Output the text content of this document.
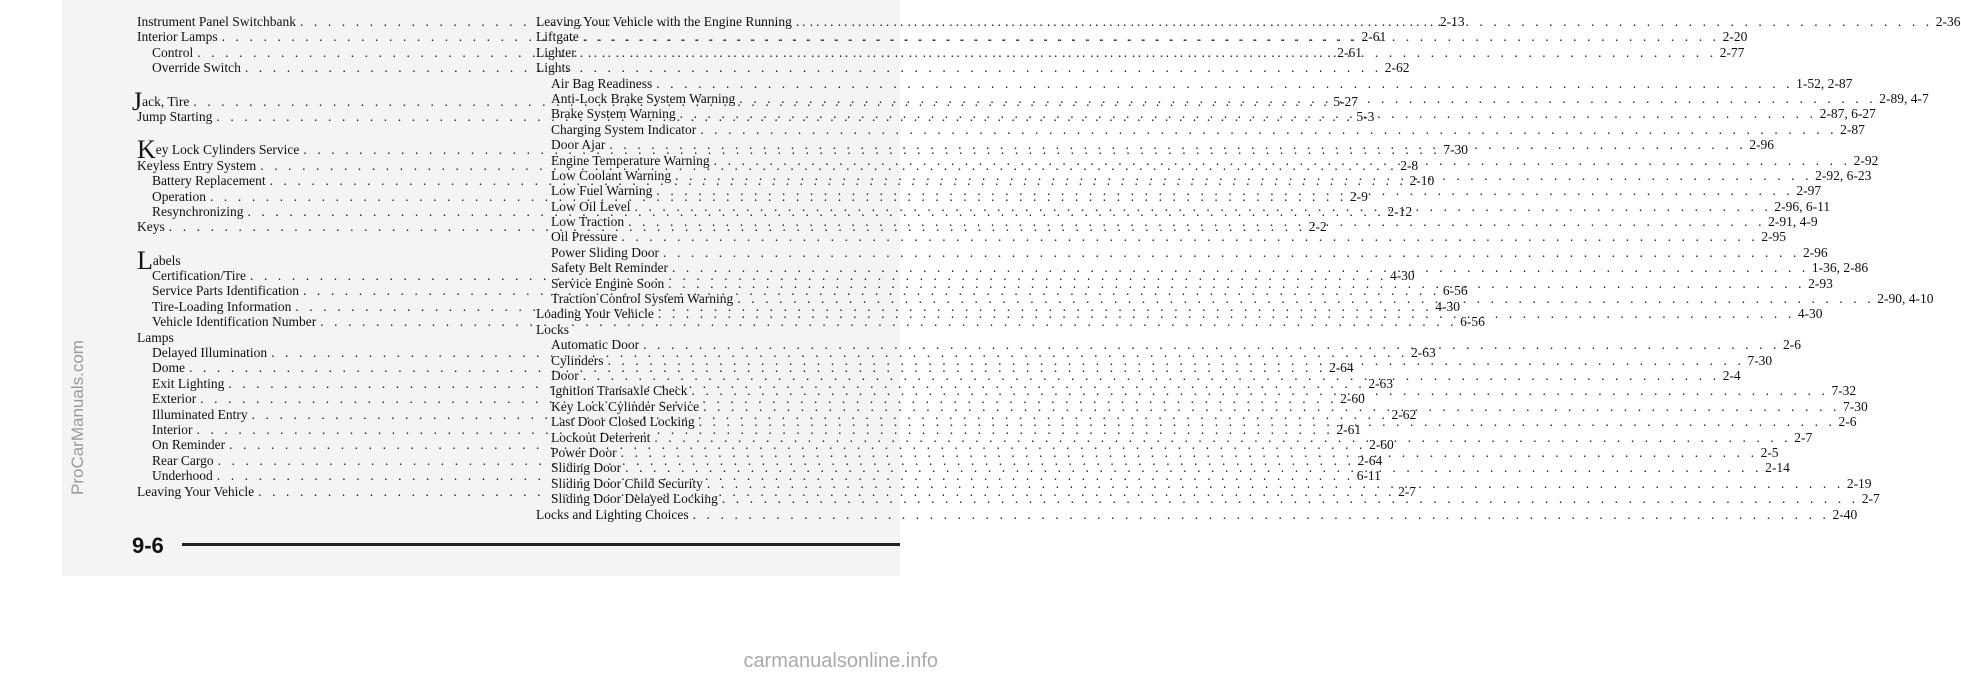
Instrument Panel Switchbank . . .	2-13
Interior Lamps . . .	2-61
Control . . .	2-61
Override Switch . . .	2-62
Jack, Tire . . .	5-27
Jump Starting . . .	5-3
Key Lock Cylinders Service . . .	7-30
Keyless Entry System . . .	2-8
Battery Replacement . . .	2-10
Operation . . .	2-9
Resynchronizing . . .	2-12
Keys . . .	2-2
Labels
Certification/Tire . . .	4-30
Service Parts Identification . . .	6-56
Tire-Loading Information . . .	4-30
Vehicle Identification Number . . .	6-56
Lamps
Delayed Illumination . . .	2-63
Dome . . .	2-64
Exit Lighting . . .	2-63
Exterior . . .	2-60
Illuminated Entry . . .	2-62
Interior . . .	2-61
On Reminder . . .	2-60
Rear Cargo . . .	2-64
Underhood . . .	6-11
Leaving Your Vehicle . . .	2-7
Leaving Your Vehicle with the Engine Running . . .	2-36
Liftgate . . .	2-20
Lighter . . .	2-77
Lights
Air Bag Readiness . . .	1-52, 2-87
Anti-Lock Brake System Warning . . .	2-89, 4-7
Brake System Warning . . .	2-87, 6-27
Charging System Indicator . . .	2-87
Door Ajar . . .	2-96
Engine Temperature Warning . . .	2-92
Low Coolant Warning . . .	2-92, 6-23
Low Fuel Warning . . .	2-97
Low Oil Level . . .	2-96, 6-11
Low Traction . . .	2-91, 4-9
Oil Pressure . . .	2-95
Power Sliding Door . . .	2-96
Safety Belt Reminder . . .	1-36, 2-86
Service Engine Soon . . .	2-93
Traction Control System Warning . . .	2-90, 4-10
Loading Your Vehicle . . .	4-30
Locks
Automatic Door . . .	2-6
Cylinders . . .	7-30
Door . . .	2-4
Ignition Transaxle Check . . .	7-32
Key Lock Cylinder Service . . .	7-30
Last Door Closed Locking . . .	2-6
Lockout Deterrent . . .	2-7
Power Door . . .	2-5
Sliding Door . . .	2-14
Sliding Door Child Security . . .	2-19
Sliding Door Delayed Locking . . .	2-7
Locks and Lighting Choices . . .	2-40
9-6
ProCarManuals.com
carmanualsonline.info
